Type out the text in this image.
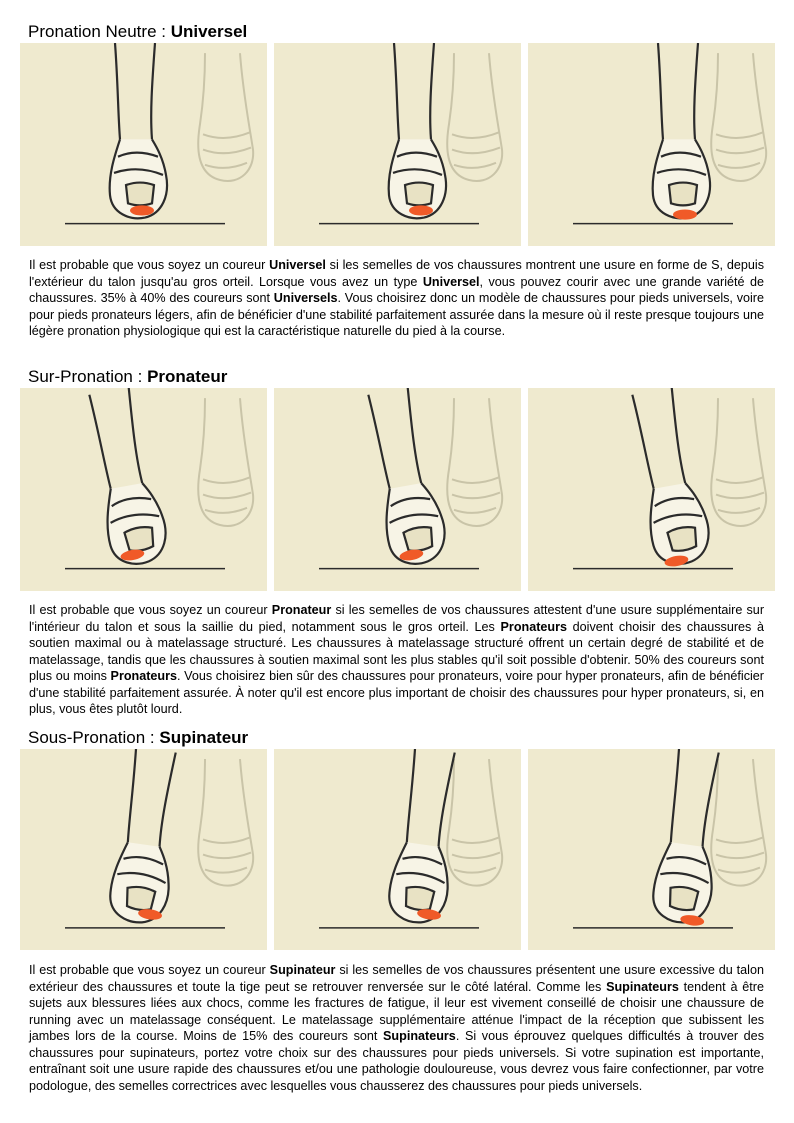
Pronation Neutre : Universel

Il est probable que vous soyez un coureur Universel si les semelles de vos chaussures montrent une usure en forme de S, depuis l'extérieur du talon jusqu'au gros orteil. Lorsque vous avez un type Universel, vous pouvez courir avec une grande variété de chaussures. 35% à 40% des coureurs sont Universels. Vous choisirez donc un modèle de chaussures pour pieds universels, voire pour pieds pronateurs légers, afin de bénéficier d'une stabilité parfaitement assurée dans la mesure où il reste presque toujours une légère pronation physiologique qui est la caractéristique naturelle du pied à la course.

Sur-Pronation : Pronateur

Il est probable que vous soyez un coureur Pronateur si les semelles de vos chaussures attestent d'une usure supplémentaire sur l'intérieur du talon et sous la saillie du pied, notamment sous le gros orteil. Les Pronateurs doivent choisir des chaussures à soutien maximal ou à matelassage structuré. Les chaussures à matelassage structuré offrent un certain degré de stabilité et de matelassage, tandis que les chaussures à soutien maximal sont les plus stables qu'il soit possible d'obtenir. 50% des coureurs sont plus ou moins Pronateurs. Vous choisirez bien sûr des chaussures pour pronateurs, voire pour hyper pronateurs, afin de bénéficier d'une stabilité parfaitement assurée. À noter qu'il est encore plus important de choisir des chaussures pour hyper pronateurs, si, en plus, vous êtes plutôt lourd.

Sous-Pronation : Supinateur

Il est probable que vous soyez un coureur Supinateur si les semelles de vos chaussures présentent une usure excessive du talon extérieur des chaussures et toute la tige peut se retrouver renversée sur le côté latéral. Comme les Supinateurs tendent à être sujets aux blessures liées aux chocs, comme les fractures de fatigue, il leur est vivement conseillé de choisir une chaussure de running avec un matelassage conséquent. Le matelassage supplémentaire atténue l'impact de la réception que subissent les jambes lors de la course. Moins de 15% des coureurs sont Supinateurs. Si vous éprouvez quelques difficultés à trouver des chaussures pour supinateurs, portez votre choix sur des chaussures pour pieds universels. Si votre supination est importante, entraînant soit une usure rapide des chaussures et/ou une pathologie douloureuse, vous devrez vous faire confectionner, par votre podologue, des semelles correctrices avec lesquelles vous chausserez des chaussures pour pieds universels.
